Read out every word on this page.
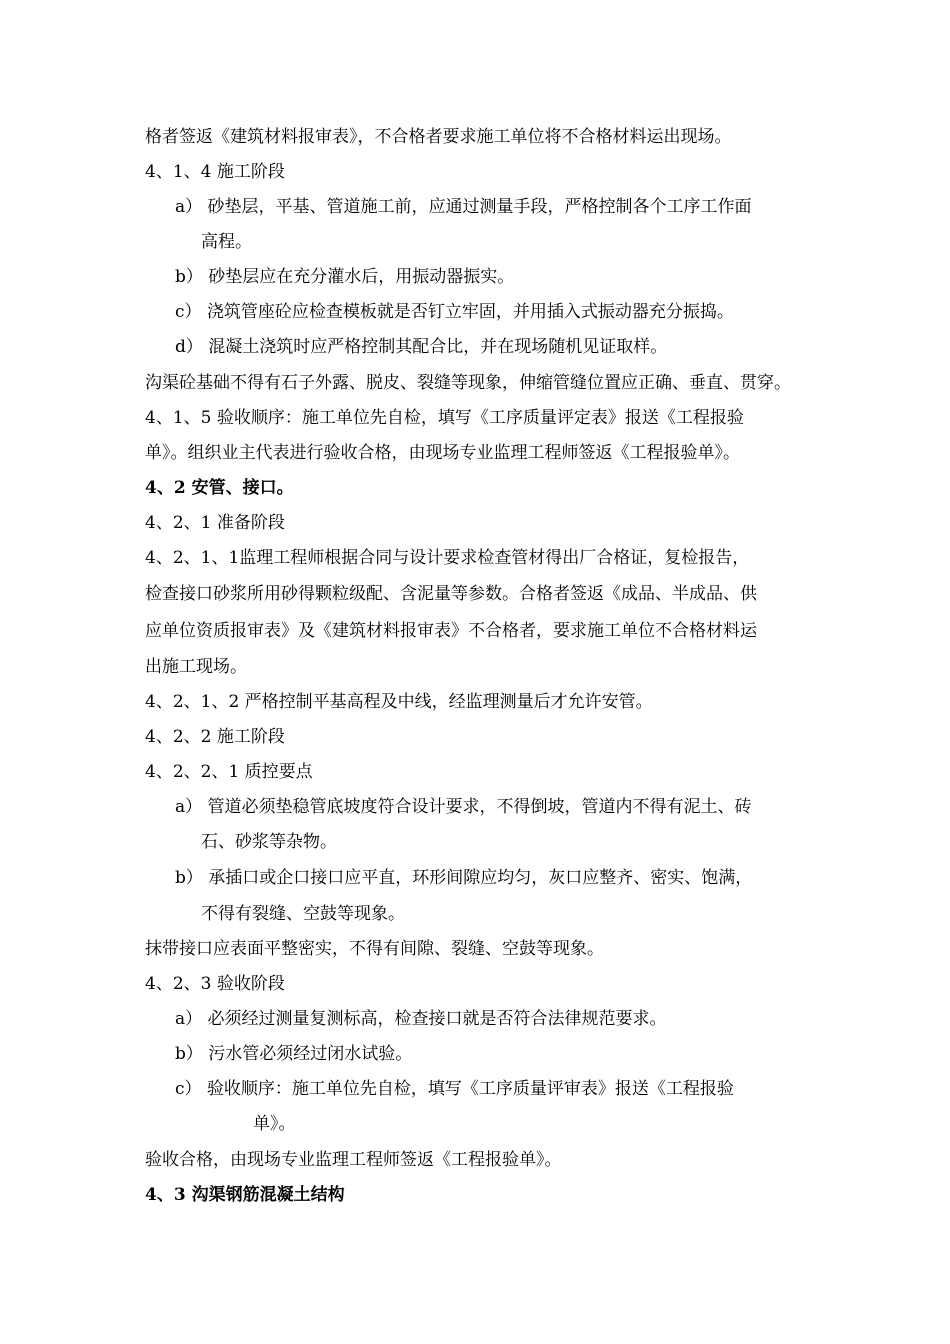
格者签返《建筑材料报审表》，不合格者要求施工单位将不合格材料运出现场。
4、1、4 施工阶段
a） 砂垫层，平基、管道施工前，应通过测量手段，严格控制各个工序工作面
高程。
b） 砂垫层应在充分灌水后，用振动器振实。
c） 浇筑管座砼应检查模板就是否钉立牢固，并用插入式振动器充分振捣。
d） 混凝土浇筑时应严格控制其配合比，并在现场随机见证取样。
沟渠砼基础不得有石子外露、脱皮、裂缝等现象，伸缩管缝位置应正确、垂直、贯穿。
4、1、5 验收顺序：施工单位先自检，填写《工序质量评定表》报送《工程报验
单》。组织业主代表进行验收合格，由现场专业监理工程师签返《工程报验单》。
4、2 安管、接口。
4、2、1 准备阶段
4、2、1、1监理工程师根据合同与设计要求检查管材得出厂合格证，复检报告，
检查接口砂浆所用砂得颗粒级配、含泥量等参数。合格者签返《成品、半成品、供
应单位资质报审表》及《建筑材料报审表》不合格者，要求施工单位不合格材料运
出施工现场。
4、2、1、2 严格控制平基高程及中线，经监理测量后才允许安管。
4、2、2 施工阶段
4、2、2、1 质控要点
a） 管道必须垫稳管底坡度符合设计要求，不得倒坡，管道内不得有泥土、砖
石、砂浆等杂物。
b） 承插口或企口接口应平直，环形间隙应均匀，灰口应整齐、密实、饱满，
不得有裂缝、空鼓等现象。
抹带接口应表面平整密实，不得有间隙、裂缝、空鼓等现象。
4、2、3 验收阶段
a） 必须经过测量复测标高，检查接口就是否符合法律规范要求。
b） 污水管必须经过闭水试验。
c） 验收顺序：施工单位先自检，填写《工序质量评审表》报送《工程报验
单》。
验收合格，由现场专业监理工程师签返《工程报验单》。
4、3 沟渠钢筋混凝土结构
